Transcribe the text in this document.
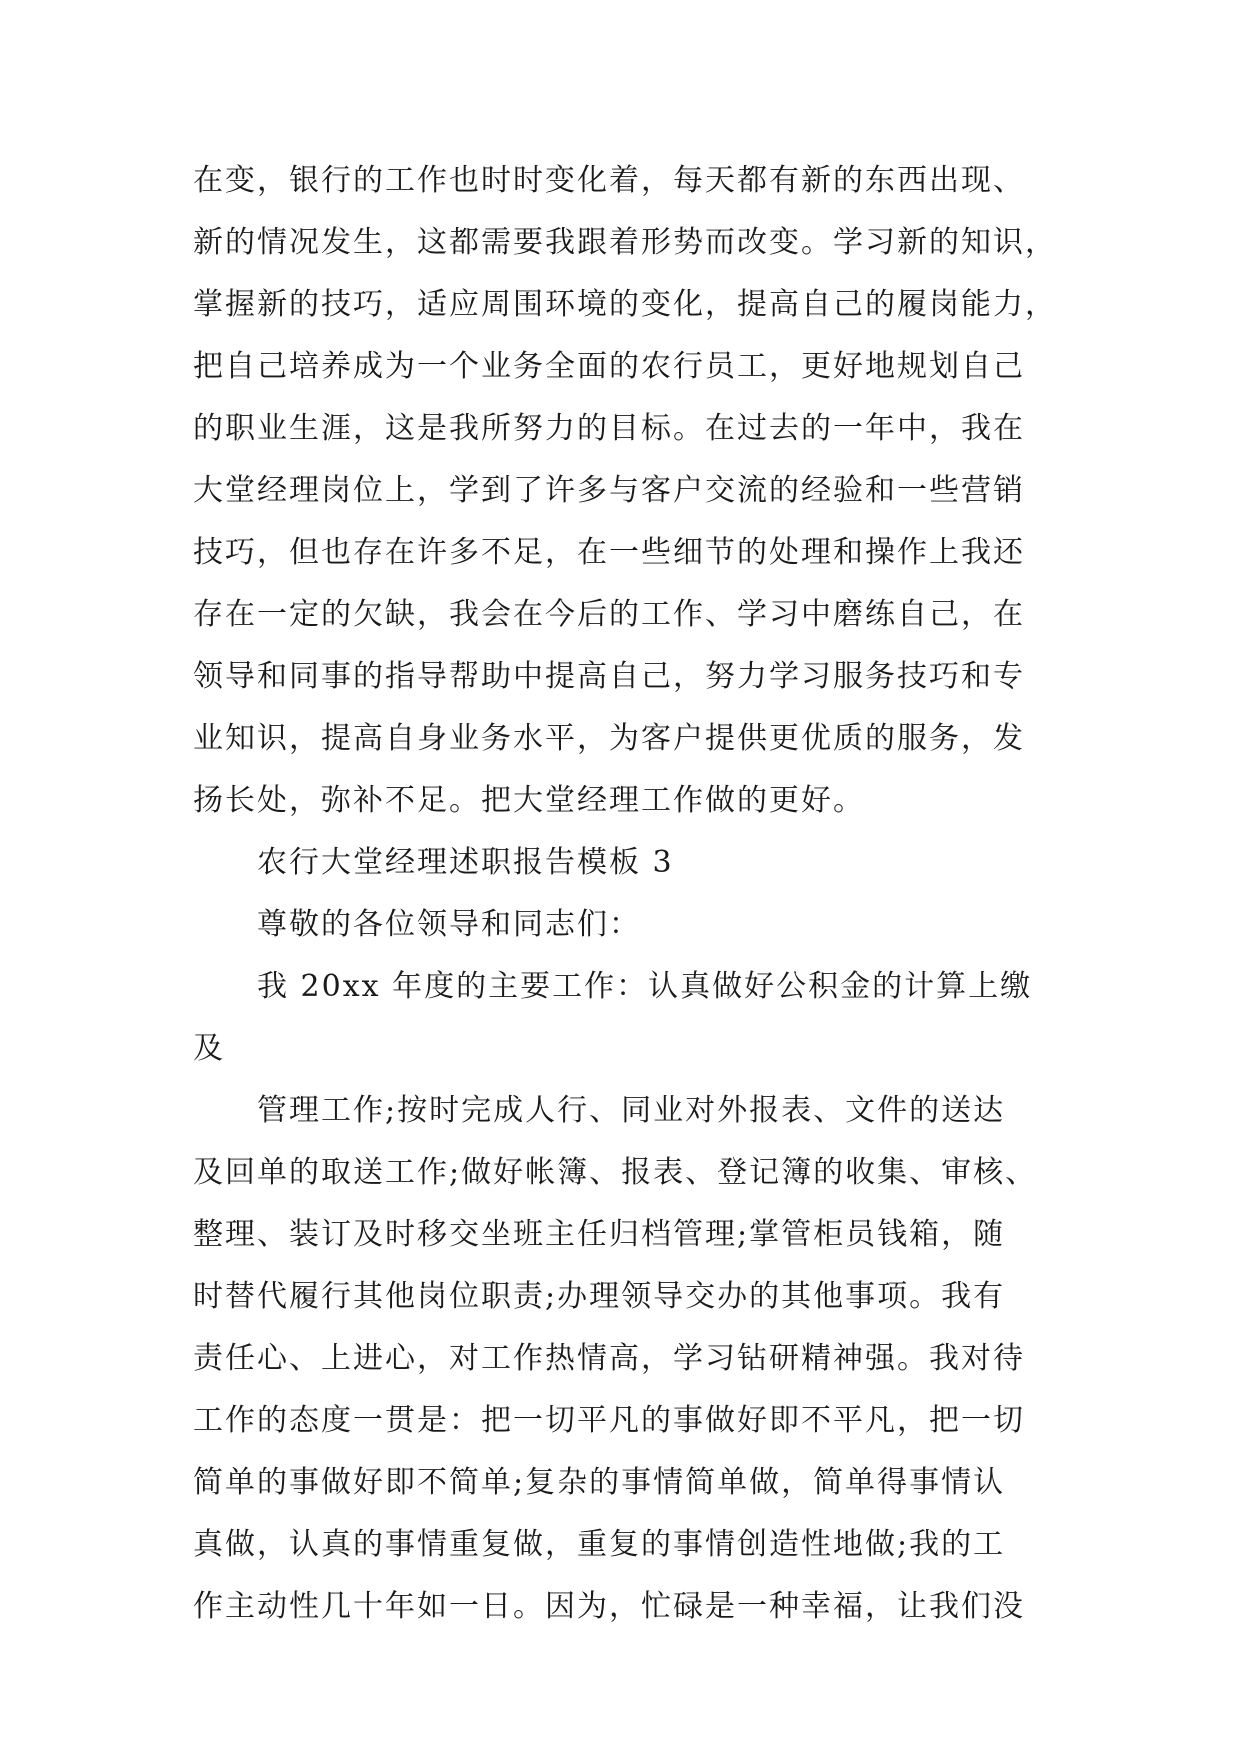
在变，银行的工作也时时变化着，每天都有新的东西出现、
新的情况发生，这都需要我跟着形势而改变。学习新的知识，
掌握新的技巧，适应周围环境的变化，提高自己的履岗能力，
把自己培养成为一个业务全面的农行员工，更好地规划自己
的职业生涯，这是我所努力的目标。在过去的一年中，我在
大堂经理岗位上，学到了许多与客户交流的经验和一些营销
技巧，但也存在许多不足，在一些细节的处理和操作上我还
存在一定的欠缺，我会在今后的工作、学习中磨练自己，在
领导和同事的指导帮助中提高自己，努力学习服务技巧和专
业知识，提高自身业务水平，为客户提供更优质的服务，发
扬长处，弥补不足。把大堂经理工作做的更好。
农行大堂经理述职报告模板 3
尊敬的各位领导和同志们：
我 20xx 年度的主要工作：认真做好公积金的计算上缴
及
管理工作;按时完成人行、同业对外报表、文件的送达
及回单的取送工作;做好帐簿、报表、登记簿的收集、审核、
整理、装订及时移交坐班主任归档管理;掌管柜员钱箱，随
时替代履行其他岗位职责;办理领导交办的其他事项。我有
责任心、上进心，对工作热情高，学习钻研精神强。我对待
工作的态度一贯是：把一切平凡的事做好即不平凡，把一切
简单的事做好即不简单;复杂的事情简单做，简单得事情认
真做，认真的事情重复做，重复的事情创造性地做;我的工
作主动性几十年如一日。因为，忙碌是一种幸福，让我们没
